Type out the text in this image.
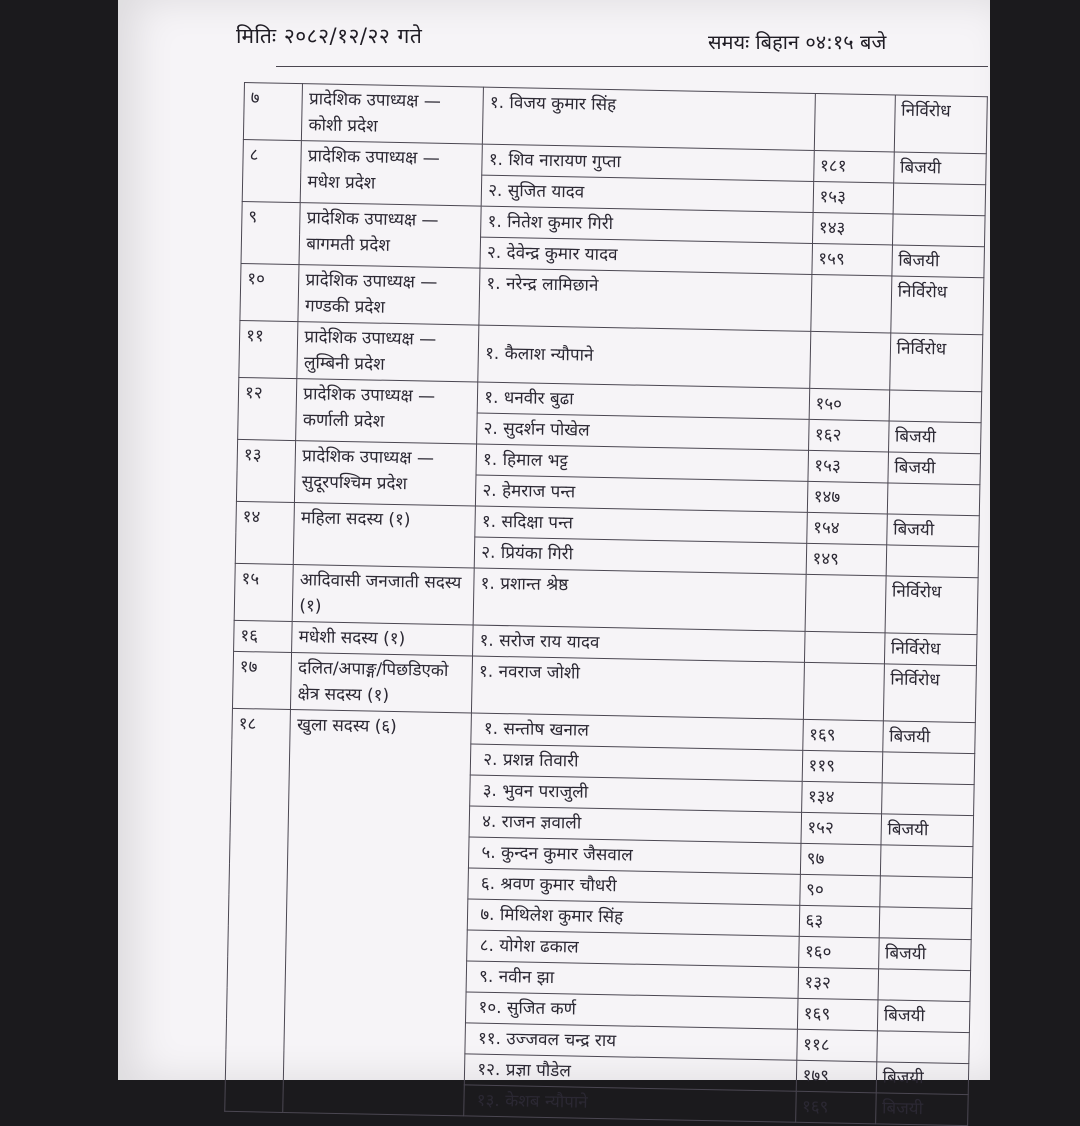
मितिः २०८२/१२/२२ गते	समयः बिहान ०४:१५ बजे
७	प्रादेशिक उपाध्यक्ष — कोशी प्रदेश	१. विजय कुमार सिंह		निर्विरोध
८	प्रादेशिक उपाध्यक्ष — मधेश प्रदेश	१. शिव नारायण गुप्ता	१८१	बिजयी
		२. सुजित यादव	१५३	
९	प्रादेशिक उपाध्यक्ष — बागमती प्रदेश	१. नितेश कुमार गिरी	१४३	
		२. देवेन्द्र कुमार यादव	१५९	बिजयी
१०	प्रादेशिक उपाध्यक्ष — गण्डकी प्रदेश	१. नरेन्द्र लामिछाने		निर्विरोध
११	प्रादेशिक उपाध्यक्ष — लुम्बिनी प्रदेश	१. कैलाश न्यौपाने		निर्विरोध
१२	प्रादेशिक उपाध्यक्ष — कर्णाली प्रदेश	१. धनवीर बुढा	१५०	
		२. सुदर्शन पोखेल	१६२	बिजयी
१३	प्रादेशिक उपाध्यक्ष — सुदूरपश्चिम प्रदेश	१. हिमाल भट्ट	१५३	बिजयी
		२. हेमराज पन्त	१४७	
१४	महिला सदस्य (१)	१. सदिक्षा पन्त	१५४	बिजयी
		२. प्रियंका गिरी	१४९	
१५	आदिवासी जनजाती सदस्य (१)	१. प्रशान्त श्रेष्ठ		निर्विरोध
१६	मधेशी सदस्य (१)	१. सरोज राय यादव		निर्विरोध
१७	दलित/अपाङ्ग/पिछडिएको क्षेत्र सदस्य (१)	१. नवराज जोशी		निर्विरोध
१८	खुला सदस्य (६)	१. सन्तोष खनाल	१६९	बिजयी
		२. प्रशन्न तिवारी	११९	
		३. भुवन पराजुली	१३४	
		४. राजन ज्ञवाली	१५२	बिजयी
		५. कुन्दन कुमार जैसवाल	९७	
		६. श्रवण कुमार चौधरी	९०	
		७. मिथिलेश कुमार सिंह	६३	
		८. योगेश ढकाल	१६०	बिजयी
		९. नवीन झा	१३२	
		१०. सुजित कर्ण	१६९	बिजयी
		११. उज्जवल चन्द्र राय	११८	
		१२. प्रज्ञा पौडेल	१७९	बिजयी
		१३. केशब न्यौपाने	१६९	बिजयी
